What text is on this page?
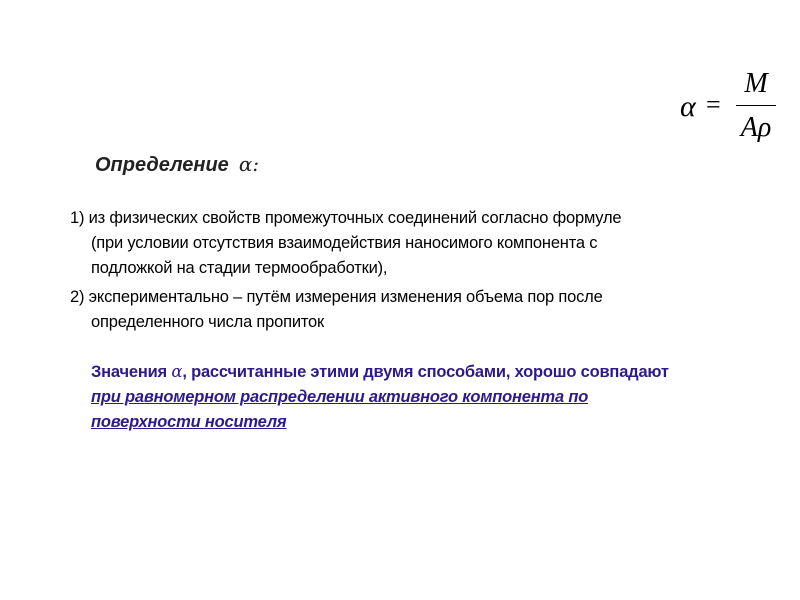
α =
M
Aρ
Определение α:
1) из физических свойств промежуточных соединений согласно формуле
(при условии отсутствия взаимодействия наносимого компонента с
подложкой на стадии термообработки),
2) экспериментально – путём измерения изменения объема пор после
определенного числа пропиток
Значения α, рассчитанные этими двумя способами, хорошо совпадают
при равномерном распределении активного компонента по
поверхности носителя
